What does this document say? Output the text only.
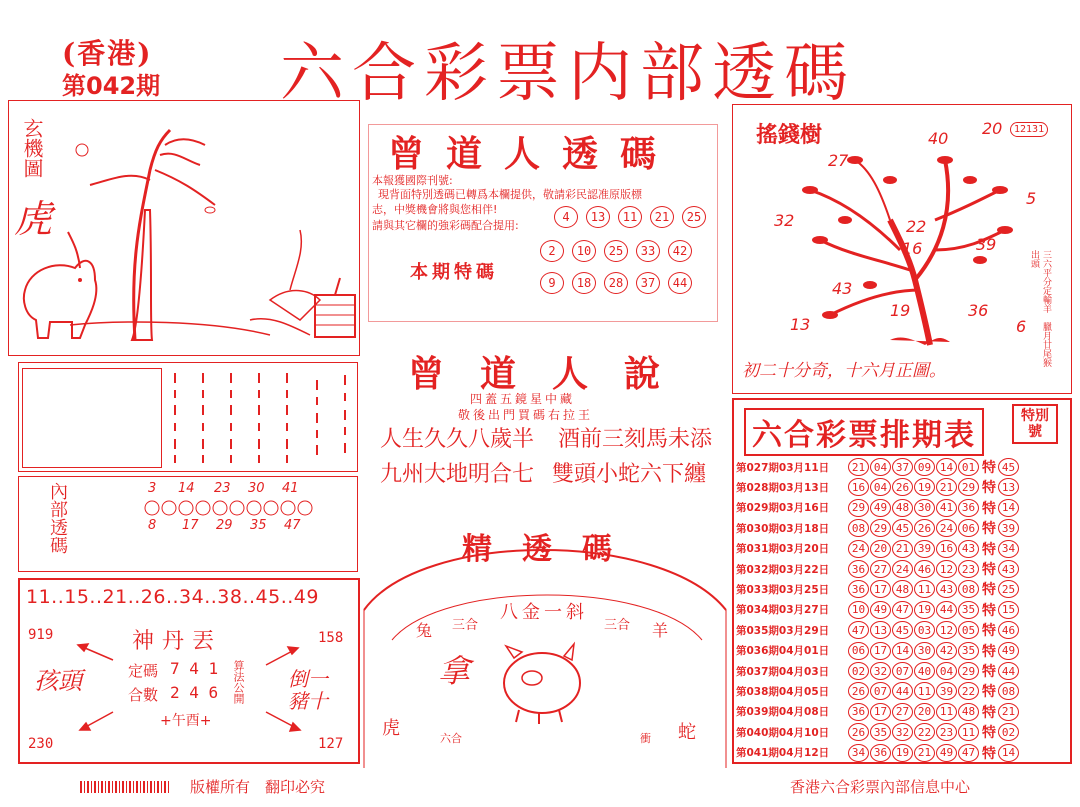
(香港)
第042期 六合彩票内部透碼
玄機圖
虎
內部透碼	3 14 23 30 41
8 17 29 35 47
11..15..21..26..34..38..45..49
919	158
230	127
神丹丟
定碼 7 4 1
合數 2 4 6 算法公開
+午酉+
孩頭	倒一豬十
版權所有　翻印必究
曾道人透碼
本報獲國際刊號:
現背面特別透碼已轉爲本欄提供，敬請彩民認准原版標
志，中獎機會將與您相伴!
請與其它欄的強彩碼配合提用:
本期特碼
4	13	11	21	25
2	10	25	33	42
9	18	28	37	44
曾道人說
四蓋五鏡星中藏
敬後出門買碼右拉王
人生久久八歲半 酒前三刻馬未添
九州大地明合七 雙頭小蛇六下纏
精透碼
八金一斜
兔 三合	三合 羊
拿
虎	六合	衝 蛇
搖錢樹	12131
三六平分定輸羊　臘月廿尾猴出頭
40
20
27
5
32	22
16	39
43
19	36
13	6
初二十分奇，十六月正圖。
六合彩票排期表
特別號
第027期03月11日	21 04 37 09 14 01 特 45
第028期03月13日	16 04 26 19 21 29 特 13
第029期03月16日	29 49 48 30 41 36 特 14
第030期03月18日	08 29 45 26 24 06 特 39
第031期03月20日	24 20 21 39 16 43 特 34
第032期03月22日	36 27 24 46 12 23 特 43
第033期03月25日	36 17 48 11 43 08 特 25
第034期03月27日	10 49 47 19 44 35 特 15
第035期03月29日	47 13 45 03 12 05 特 46
第036期04月01日	06 17 14 30 42 35 特 49
第037期04月03日	02 32 07 40 04 29 特 44
第038期04月05日	26 07 44 11 39 22 特 08
第039期04月08日	36 17 27 20 11 48 特 21
第040期04月10日	26 35 32 22 23 11 特 02
第041期04月12日	34 36 19 21 49 47 特 14
香港六合彩票內部信息中心
